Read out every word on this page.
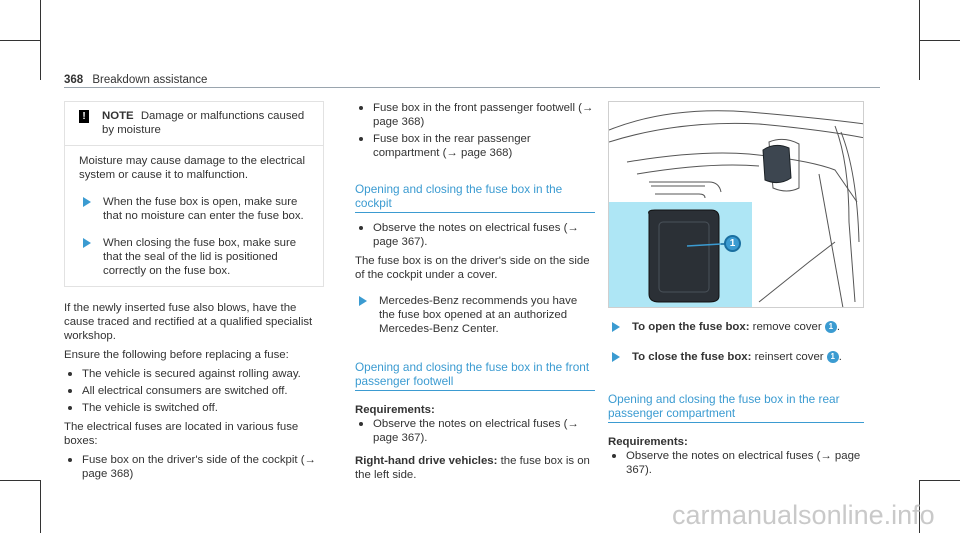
368 Breakdown assistance
! NOTE Damage or malfunctions caused by moisture
Moisture may cause damage to the electrical system or cause it to malfunction.
When the fuse box is open, make sure that no moisture can enter the fuse box.
When closing the fuse box, make sure that the seal of the lid is positioned correctly on the fuse box.

If the newly inserted fuse also blows, have the cause traced and rectified at a qualified specialist workshop.

Ensure the following before replacing a fuse:

The vehicle is secured against rolling away.
All electrical consumers are switched off.
The vehicle is switched off.

The electrical fuses are located in various fuse boxes:

Fuse box on the driver's side of the cockpit (→ page 368)
Fuse box in the front passenger footwell (→ page 368)
Fuse box in the rear passenger compartment (→ page 368)
Opening and closing the fuse box in the cockpit
Observe the notes on electrical fuses (→ page 367).

The fuse box is on the driver's side on the side of the cockpit under a cover.

Mercedes-Benz recommends you have the fuse box opened at an authorized Mercedes-Benz Center.
Opening and closing the fuse box in the front passenger footwell
Requirements:
Observe the notes on electrical fuses (→ page 367).
Right-hand drive vehicles: the fuse box is on the left side.
1
To open the fuse box: remove cover 1 .
To close the fuse box: reinsert cover 1 .
Opening and closing the fuse box in the rear passenger compartment
Requirements:
Observe the notes on electrical fuses (→ page 367).
carmanualsonline.info
